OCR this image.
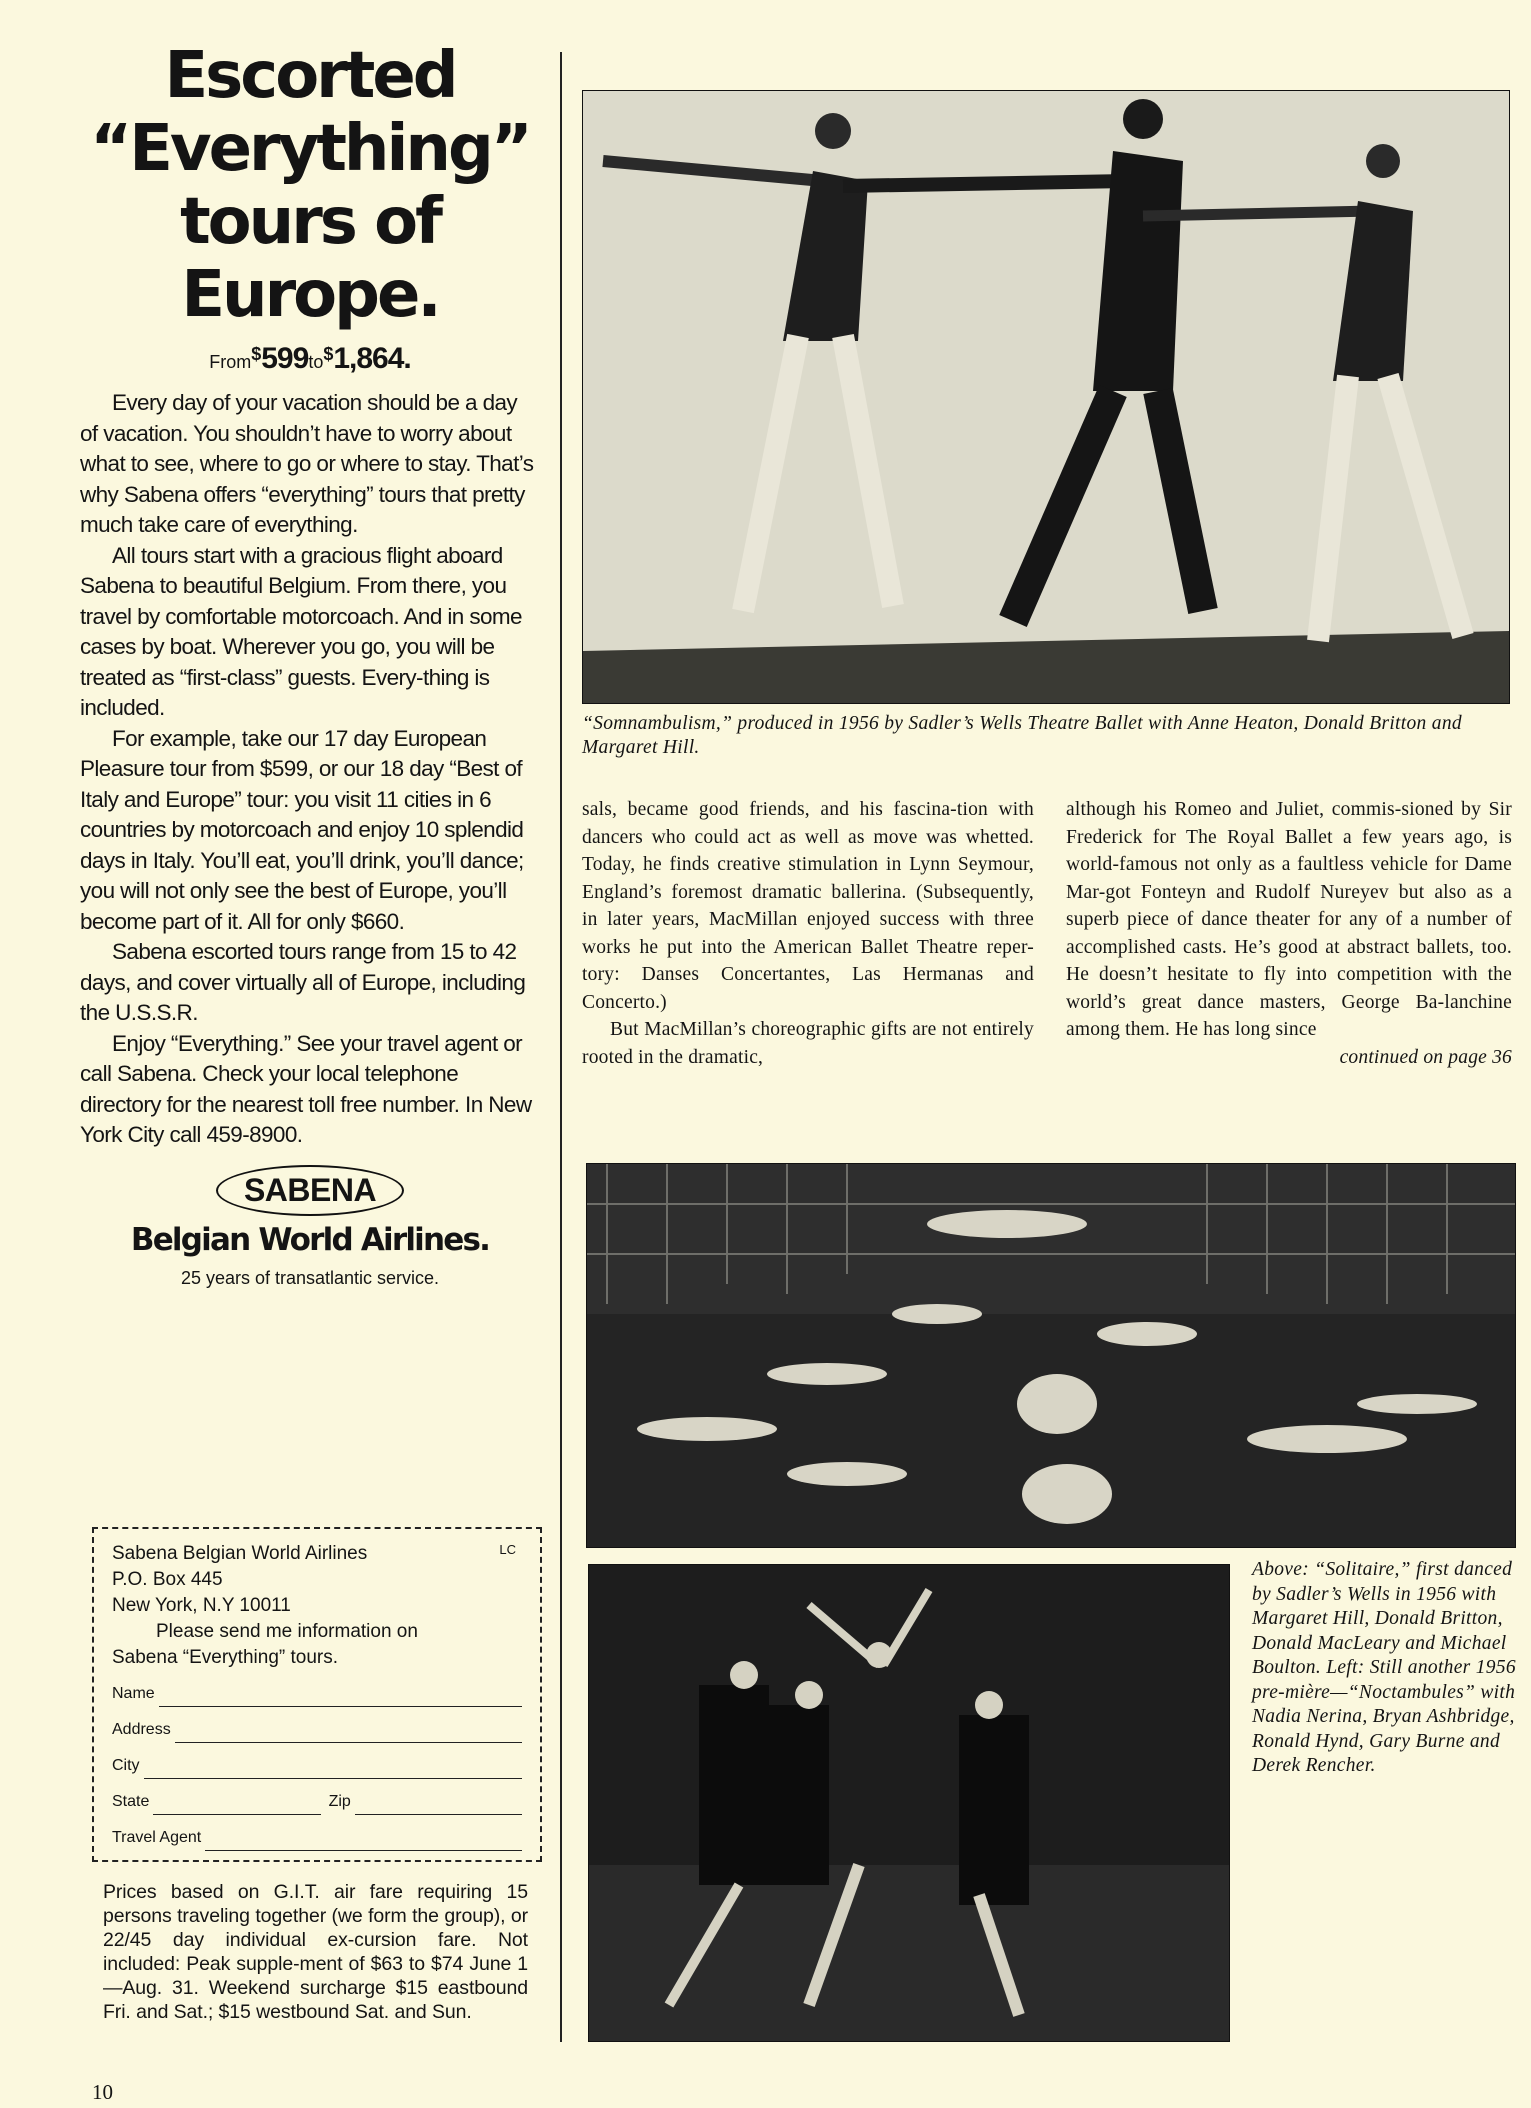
Escorted
“Everything”
tours of
Europe.
From$599to$1,864.

Every day of your vacation should be a day of vacation. You shouldn’t have to worry about what to see, where to go or where to stay. That’s why Sabena offers “everything” tours that pretty much take care of everything.

All tours start with a gracious flight aboard Sabena to beautiful Belgium. From there, you travel by comfortable motorcoach. And in some cases by boat. Wherever you go, you will be treated as “first-class” guests. Every-thing is included.

For example, take our 17 day European Pleasure tour from $599, or our 18 day “Best of Italy and Europe” tour: you visit 11 cities in 6 countries by motorcoach and enjoy 10 splendid days in Italy. You’ll eat, you’ll drink, you’ll dance; you will not only see the best of Europe, you’ll become part of it. All for only $660.

Sabena escorted tours range from 15 to 42 days, and cover virtually all of Europe, including the U.S.S.R.

Enjoy “Everything.” See your travel agent or call Sabena. Check your local telephone directory for the nearest toll free number. In New York City call 459-8900.

SABENA
Belgian World Airlines.
25 years of transatlantic service.
LC
Sabena Belgian World Airlines
P.O. Box 445
New York, N.Y 10011
Please send me information on
Sabena “Everything” tours.
Name
Address
City
State	Zip
Travel Agent
Prices based on G.I.T. air fare requiring 15 persons traveling together (we form the group), or 22/45 day individual ex-cursion fare. Not included: Peak supple-ment of $63 to $74 June 1—Aug. 31. Weekend surcharge $15 eastbound Fri. and Sat.; $15 westbound Sat. and Sun.
10
“Somnambulism,” produced in 1956 by Sadler’s Wells Theatre Ballet with Anne Heaton, Donald Britton and Margaret Hill.

sals, became good friends, and his fascina-tion with dancers who could act as well as move was whetted. Today, he finds creative stimulation in Lynn Seymour, England’s foremost dramatic ballerina. (Subsequently, in later years, MacMillan enjoyed success with three works he put into the American Ballet Theatre reper-tory: Danses Concertantes, Las Hermanas and Concerto.)

But MacMillan’s choreographic gifts are not entirely rooted in the dramatic,

although his Romeo and Juliet, commis-sioned by Sir Frederick for The Royal Ballet a few years ago, is world-famous not only as a faultless vehicle for Dame Mar-got Fonteyn and Rudolf Nureyev but also as a superb piece of dance theater for any of a number of accomplished casts. He’s good at abstract ballets, too. He doesn’t hesitate to fly into competition with the world’s great dance masters, George Ba-lanchine among them. He has long since

continued on page 36

Above: “Solitaire,” first danced by Sadler’s Wells in 1956 with Margaret Hill, Donald Britton, Donald MacLeary and Michael Boulton. Left: Still another 1956 pre-mière—“Noctambules” with Nadia Nerina, Bryan Ashbridge, Ronald Hynd, Gary Burne and Derek Rencher.
